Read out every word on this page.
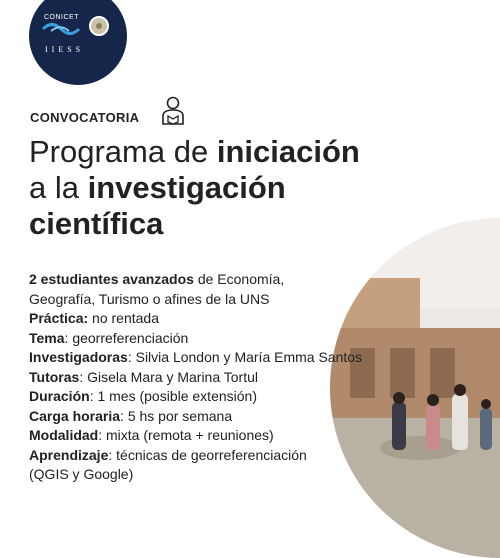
CONICET
IIESS
CONVOCATORIA
Programa de iniciación
a la investigación
científica
2 estudiantes avanzados de Economía,
Geografía, Turismo o afines de la UNS
Práctica: no rentada
Tema: georreferenciación
Investigadoras: Silvia London y María Emma Santos
Tutoras: Gisela Mara y Marina Tortul
Duración: 1 mes (posible extensión)
Carga horaria: 5 hs por semana
Modalidad: mixta (remota + reuniones)
Aprendizaje: técnicas de georreferenciación
(QGIS y Google)
